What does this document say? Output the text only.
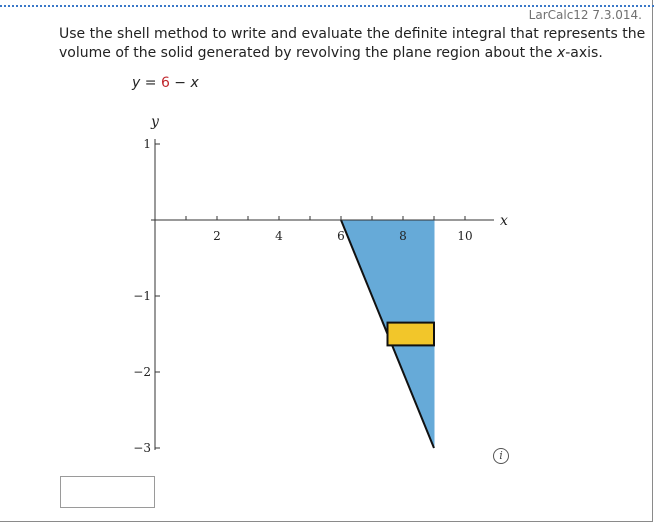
LarCalc12 7.3.014.
Use the shell method to write and evaluate the definite integral that represents the volume of the solid generated by revolving the plane region about the x-axis.
y = 6 − x
2	4	6	8	10
1
−1
−2
−3
x
y
i
